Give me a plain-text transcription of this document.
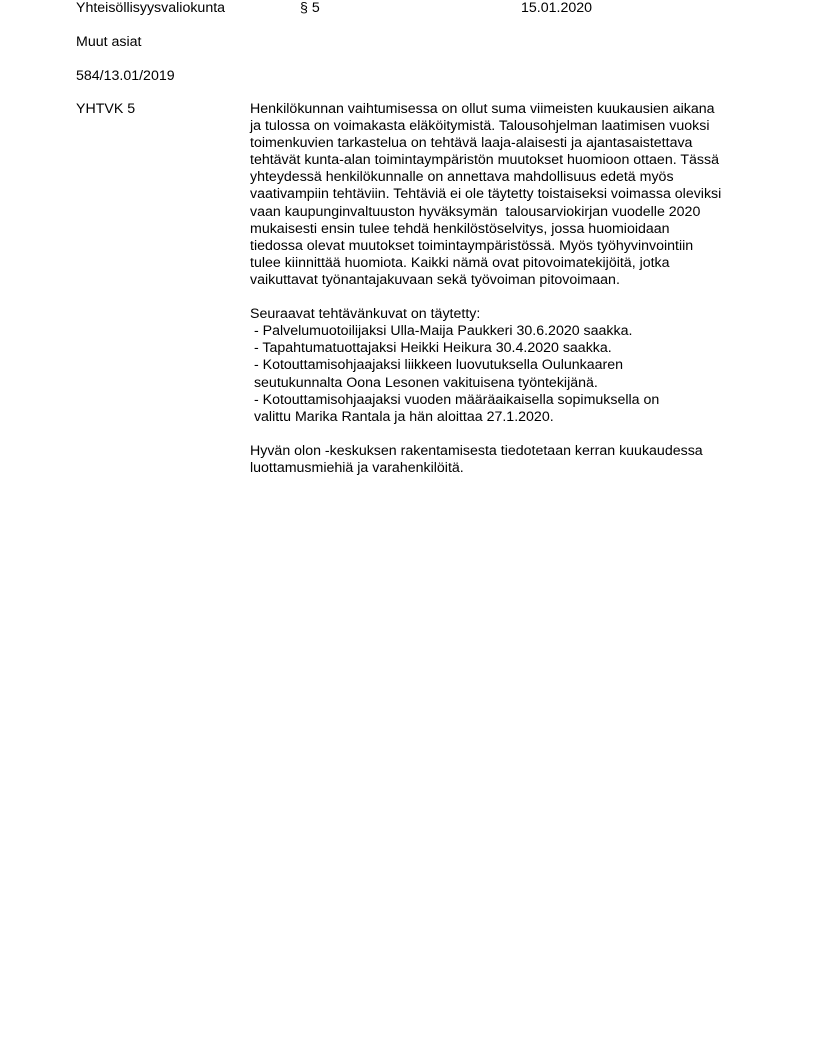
Yhteisöllisyysvaliokunta	§ 5	15.01.2020
Muut asiat
584/13.01/2019
YHTVK 5	Henkilökunnan vaihtumisessa on ollut suma viimeisten kuukausien aikana
ja tulossa on voimakasta eläköitymistä. Talousohjelman laatimisen vuoksi
toimenkuvien tarkastelua on tehtävä laaja-alaisesti ja ajantasaistettava
tehtävät kunta-alan toimintaympäristön muutokset huomioon ottaen. Tässä
yhteydessä henkilökunnalle on annettava mahdollisuus edetä myös
vaativampiin tehtäviin. Tehtäviä ei ole täytetty toistaiseksi voimassa oleviksi
vaan kaupunginvaltuuston hyväksymän  talousarviokirjan vuodelle 2020
mukaisesti ensin tulee tehdä henkilöstöselvitys, jossa huomioidaan
tiedossa olevat muutokset toimintaympäristössä. Myös työhyvinvointiin
tulee kiinnittää huomiota. Kaikki nämä ovat pitovoimatekijöitä, jotka
vaikuttavat työnantajakuvaan sekä työvoiman pitovoimaan.
Seuraavat tehtävänkuvat on täytetty:
- Palvelumuotoilijaksi Ulla-Maija Paukkeri 30.6.2020 saakka.
- Tapahtumatuottajaksi Heikki Heikura 30.4.2020 saakka.
- Kotouttamisohjaajaksi liikkeen luovutuksella Oulunkaaren
seutukunnalta Oona Lesonen vakituisena työntekijänä.
- Kotouttamisohjaajaksi vuoden määräaikaisella sopimuksella on
valittu Marika Rantala ja hän aloittaa 27.1.2020.
Hyvän olon -keskuksen rakentamisesta tiedotetaan kerran kuukaudessa
luottamusmiehiä ja varahenkilöitä.
